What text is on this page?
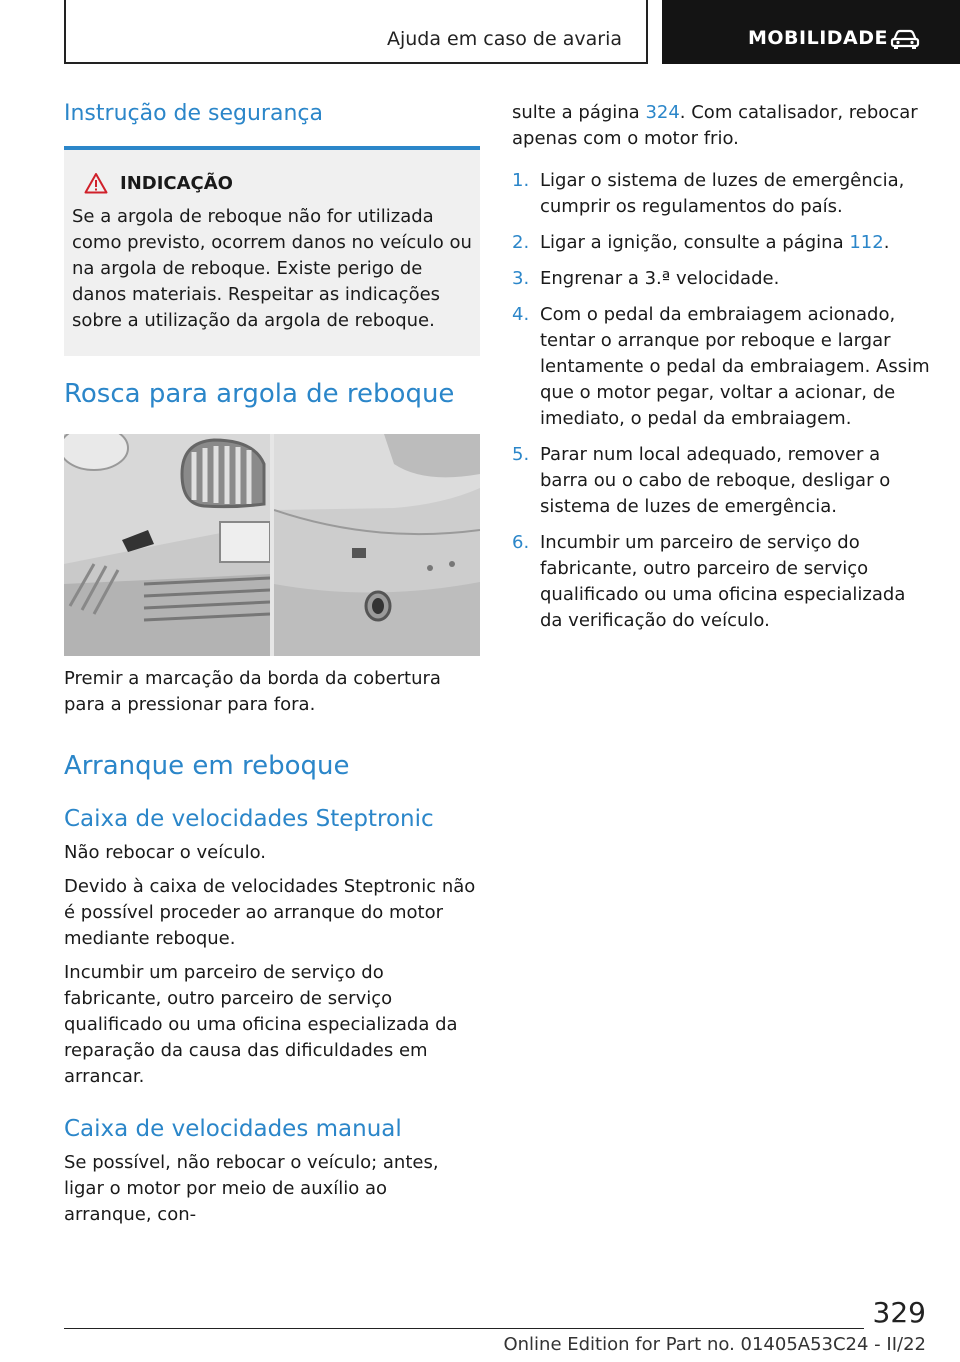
Ajuda em caso de avaria	MOBILIDADE
Instrução de segurança
INDICAÇÃO

Se a argola de reboque não for utilizada como previsto, ocorrem danos no veículo ou na argola de reboque. Existe perigo de danos materiais. Respeitar as indicações sobre a utilização da argola de reboque.

Rosca para argola de reboque

Premir a marcação da borda da cobertura para a pressionar para fora.

Arranque em reboque
Caixa de velocidades Steptronic

Não rebocar o veículo.

Devido à caixa de velocidades Steptronic não é possível proceder ao arranque do motor mediante reboque.

Incumbir um parceiro de serviço do fabricante, outro parceiro de serviço qualificado ou uma oficina especializada da reparação da causa das dificuldades em arrancar.

Caixa de velocidades manual

Se possível, não rebocar o veículo; antes, ligar o motor por meio de auxílio ao arranque, con-

sulte a página 324. Com catalisador, rebocar apenas com o motor frio.

1. Ligar o sistema de luzes de emergência, cumprir os regulamentos do país.
2. Ligar a ignição, consulte a página 112.
3. Engrenar a 3.ª velocidade.
4. Com o pedal da embraiagem acionado, tentar o arranque por reboque e largar lentamente o pedal da embraiagem. Assim que o motor pegar, voltar a acionar, de imediato, o pedal da embraiagem.
5. Parar num local adequado, remover a barra ou o cabo de reboque, desligar o sistema de luzes de emergência.
6. Incumbir um parceiro de serviço do fabricante, outro parceiro de serviço qualificado ou uma oficina especializada da verificação do veículo.
329
Online Edition for Part no. 01405A53C24 - II/22
